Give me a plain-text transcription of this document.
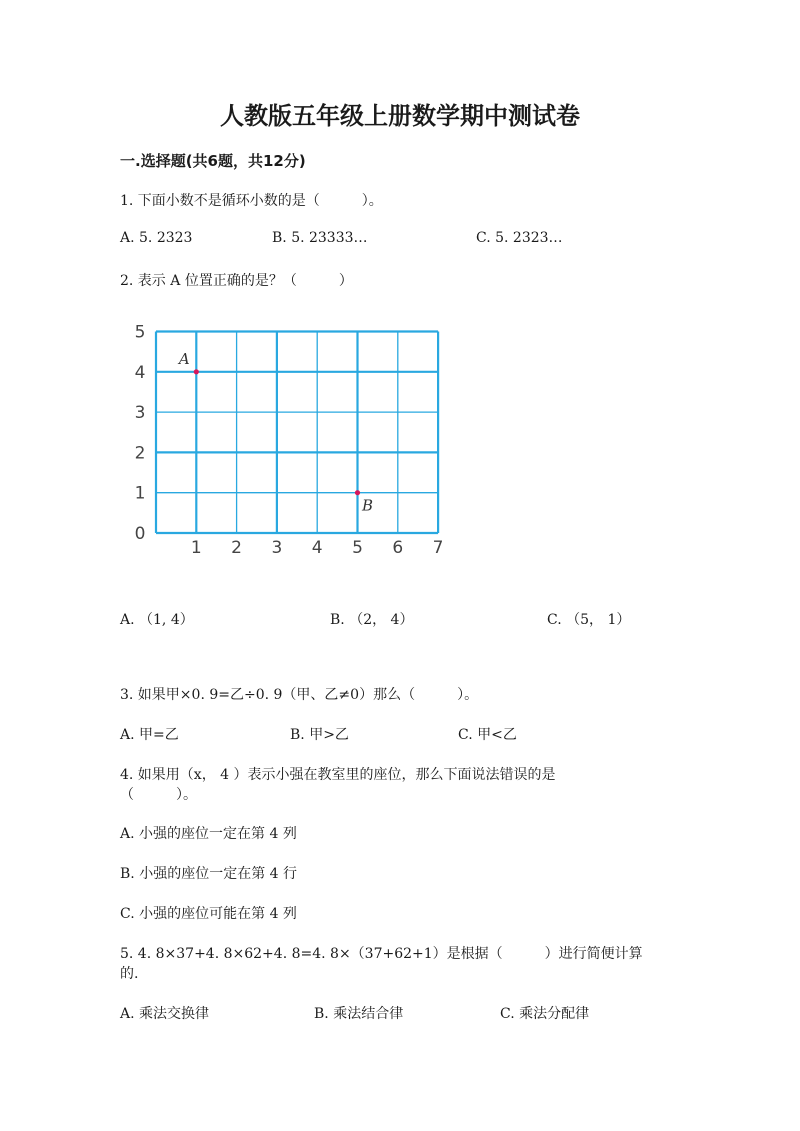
人教版五年级上册数学期中测试卷
一.选择题(共6题，共12分)
1. 下面小数不是循环小数的是（　　　）。
A. 5. 2323	B. 5. 23333…	C. 5. 2323…
2. 表示 A 位置正确的是？（　　　）
1 2 3 4 5 6 7
0
1
2
3
4
5
A
B
A. （1, 4）	B. （2， 4）	C. （5， 1）
3. 如果甲×0. 9=乙÷0. 9（甲、乙≠0）那么（　　　）。
A. 甲=乙	B. 甲>乙	C. 甲<乙
4. 如果用（x， 4 ）表示小强在教室里的座位，那么下面说法错误的是
（　　　）。
A. 小强的座位一定在第 4 列
B. 小强的座位一定在第 4 行
C. 小强的座位可能在第 4 列
5. 4. 8×37+4. 8×62+4. 8=4. 8×（37+62+1）是根据（　　　）进行简便计算
的.
A. 乘法交换律	B. 乘法结合律	C. 乘法分配律
